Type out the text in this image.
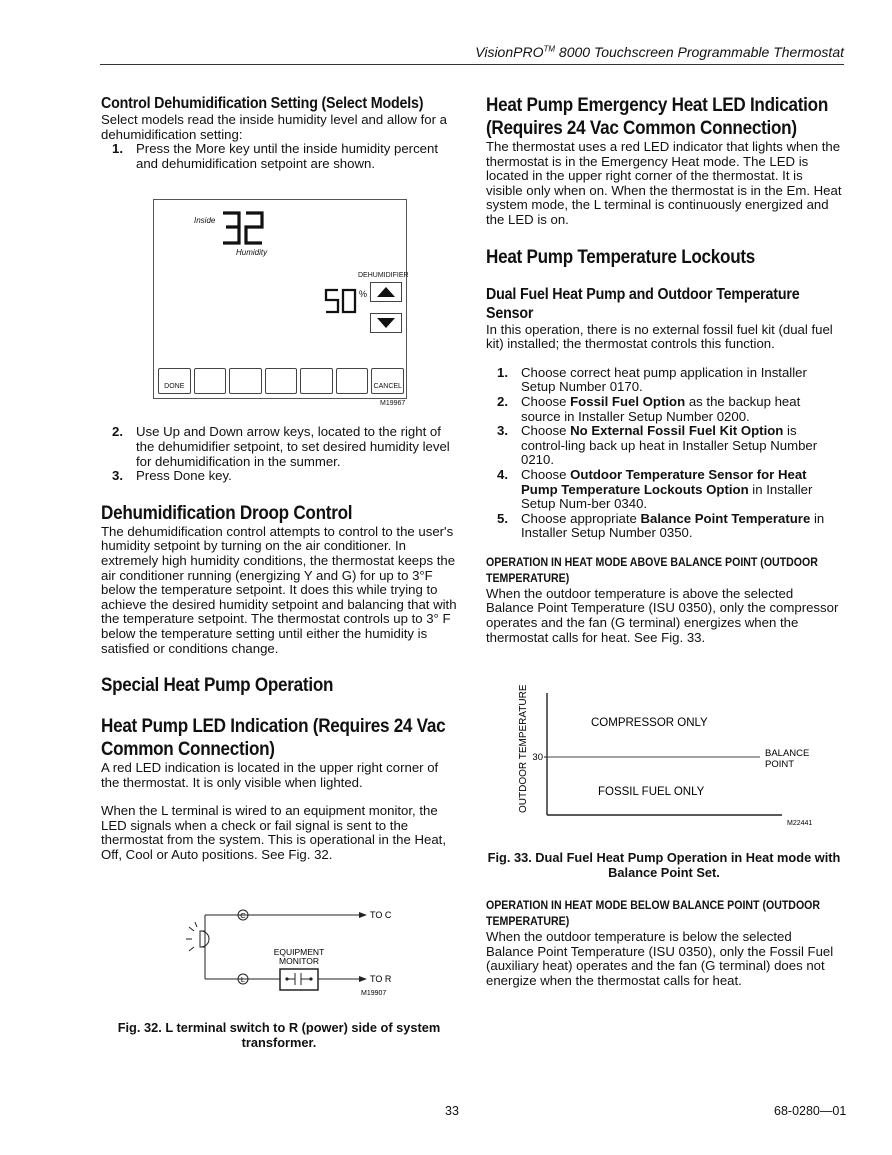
VisionPRO™ 8000 Touchscreen Programmable Thermostat
Control Dehumidification Setting (Select Models)

Select models read the inside humidity level and allow for a dehumidification setting:

1. Press the More key until the inside humidity percent and dehumidification setpoint are shown.
Inside
Humidity
DEHUMIDIFIER
%
DONE	CANCEL
M19967
2. Use Up and Down arrow keys, located to the right of the dehumidifier setpoint, to set desired humidity level for dehumidification in the summer.
3. Press Done key.
Dehumidification Droop Control

The dehumidification control attempts to control to the user's humidity setpoint by turning on the air conditioner. In extremely high humidity conditions, the thermostat keeps the air conditioner running (energizing Y and G) for up to 3°F below the temperature setpoint. It does this while trying to achieve the desired humidity setpoint and balancing that with the temperature setpoint. The thermostat controls up to 3° F below the temperature setting until either the humidity is satisfied or conditions change.

Special Heat Pump Operation
Heat Pump LED Indication (Requires 24 Vac
Common Connection)

A red LED indication is located in the upper right corner of the thermostat. It is only visible when lighted.

When the L terminal is wired to an equipment monitor, the LED signals when a check or fail signal is sent to the thermostat from the system. This is operational in the Heat, Off, Cool or Auto positions. See Fig. 32.

C
L
TO C
TO R
EQUIPMENT
MONITOR
M19907

Fig. 32. L terminal switch to R (power) side of system transformer.

Heat Pump Emergency Heat LED Indication
(Requires 24 Vac Common Connection)

The thermostat uses a red LED indicator that lights when the thermostat is in the Emergency Heat mode. The LED is located in the upper right corner of the thermostat. It is visible only when on. When the thermostat is in the Em. Heat system mode, the L terminal is continuously energized and the LED is on.

Heat Pump Temperature Lockouts
Dual Fuel Heat Pump and Outdoor Temperature
Sensor

In this operation, there is no external fossil fuel kit (dual fuel kit) installed; the thermostat controls this function.

1. Choose correct heat pump application in Installer Setup Number 0170.
2. Choose Fossil Fuel Option as the backup heat source in Installer Setup Number 0200.
3. Choose No External Fossil Fuel Kit Option is control-ling back up heat in Installer Setup Number 0210.
4. Choose Outdoor Temperature Sensor for Heat Pump Temperature Lockouts Option in Installer Setup Num-ber 0340.
5. Choose appropriate Balance Point Temperature in Installer Setup Number 0350.
OPERATION IN HEAT MODE ABOVE BALANCE POINT (OUTDOOR
TEMPERATURE)

When the outdoor temperature is above the selected Balance Point Temperature (ISU 0350), only the compressor operates and the fan (G terminal) energizes when the thermostat calls for heat. See Fig. 33.

30
OUTDOOR TEMPERATURE	COMPRESSOR ONLY
FOSSIL FUEL ONLY
BALANCE
POINT
M22441

Fig. 33. Dual Fuel Heat Pump Operation in Heat mode with
Balance Point Set.

OPERATION IN HEAT MODE BELOW BALANCE POINT (OUTDOOR
TEMPERATURE)

When the outdoor temperature is below the selected Balance Point Temperature (ISU 0350), only the Fossil Fuel (auxiliary heat) operates and the fan (G terminal) does not energize when the thermostat calls for heat.

33	68-0280—01
